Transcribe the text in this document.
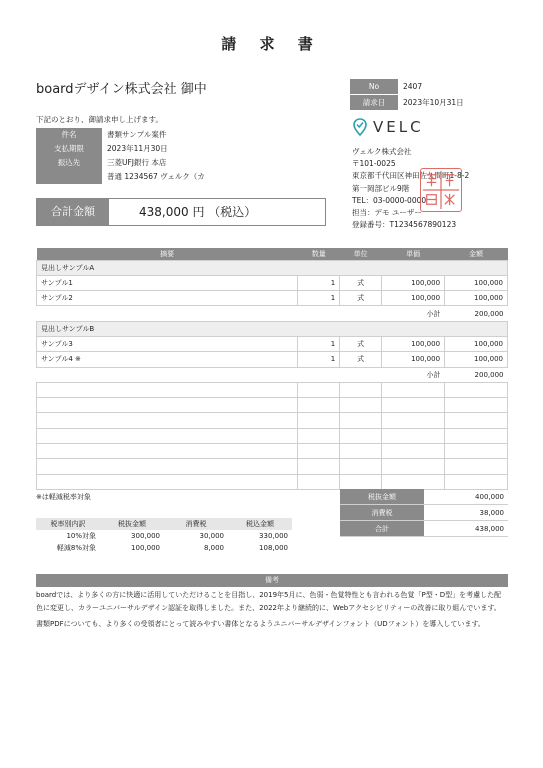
請 求 書
boardデザイン株式会社 御中
下記のとおり、御請求申し上げます。
件名	書類サンプル案件
支払期限	2023年11月30日
振込先	三菱UFJ銀行 本店
普通 1234567 ヴェルク（カ
合計金額	438,000 円 （税込）
No	2407
請求日	2023年10月31日
VELC
ヴェルク株式会社
〒101-0025
東京都千代田区神田佐久間町1-8-2
第一岡部ビル9階
TEL：03-0000-0000
担当：デモ ユーザー
登録番号：T1234567890123
摘要	数量	単位	単価	金額
見出しサンプルA				
サンプル1	1	式	100,000	100,000
サンプル2	1	式	100,000	100,000
小計				200,000
見出しサンプルB				
サンプル3	1	式	100,000	100,000
サンプル4 ※	1	式	100,000	100,000
小計				200,000

※は軽減税率対象	税抜金額	400,000
消費税	38,000
合計	438,000
税率別内訳	税抜金額	消費税	税込金額
10%対象	300,000	30,000	330,000
軽減8%対象	100,000	8,000	108,000
備考

boardでは、より多くの方に快適に活用していただけることを目指し、2019年5月に、色弱・色覚特性とも言われる色覚「P型・D型」を考慮した配色に変更し、カラーユニバーサルデザイン認証を取得しました。また、2022年より継続的に、Webアクセシビリティーの改善に取り組んでいます。

書類PDFについても、より多くの受領者にとって読みやすい書体となるようユニバーサルデザインフォント（UDフォント）を導入しています。
